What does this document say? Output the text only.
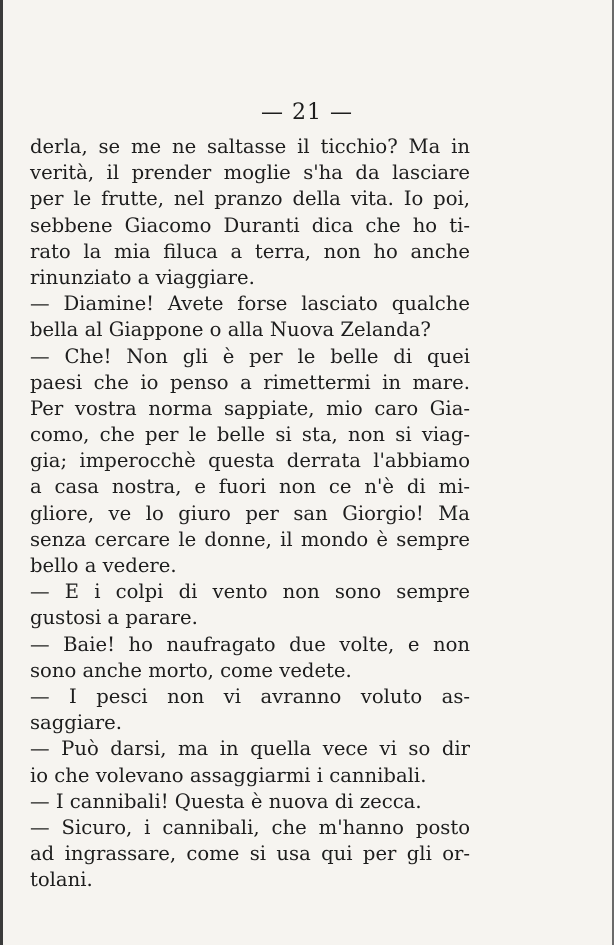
— 21 —
derla, se me ne saltasse il ticchio? Ma in
verità, il prender moglie s'ha da lasciare
per le frutte, nel pranzo della vita. Io poi,
sebbene Giacomo Duranti dica che ho ti-
rato la mia filuca a terra, non ho anche
rinunziato a viaggiare.
— Diamine! Avete forse lasciato qualche
bella al Giappone o alla Nuova Zelanda?
— Che! Non gli è per le belle di quei
paesi che io penso a rimettermi in mare.
Per vostra norma sappiate, mio caro Gia-
como, che per le belle si sta, non si viag-
gia; imperocchè questa derrata l'abbiamo
a casa nostra, e fuori non ce n'è di mi-
gliore, ve lo giuro per san Giorgio! Ma
senza cercare le donne, il mondo è sempre
bello a vedere.
— E i colpi di vento non sono sempre
gustosi a parare.
— Baie! ho naufragato due volte, e non
sono anche morto, come vedete.
— I pesci non vi avranno voluto as-
saggiare.
— Può darsi, ma in quella vece vi so dir
io che volevano assaggiarmi i cannibali.
— I cannibali! Questa è nuova di zecca.
— Sicuro, i cannibali, che m'hanno posto
ad ingrassare, come si usa qui per gli or-
tolani.
